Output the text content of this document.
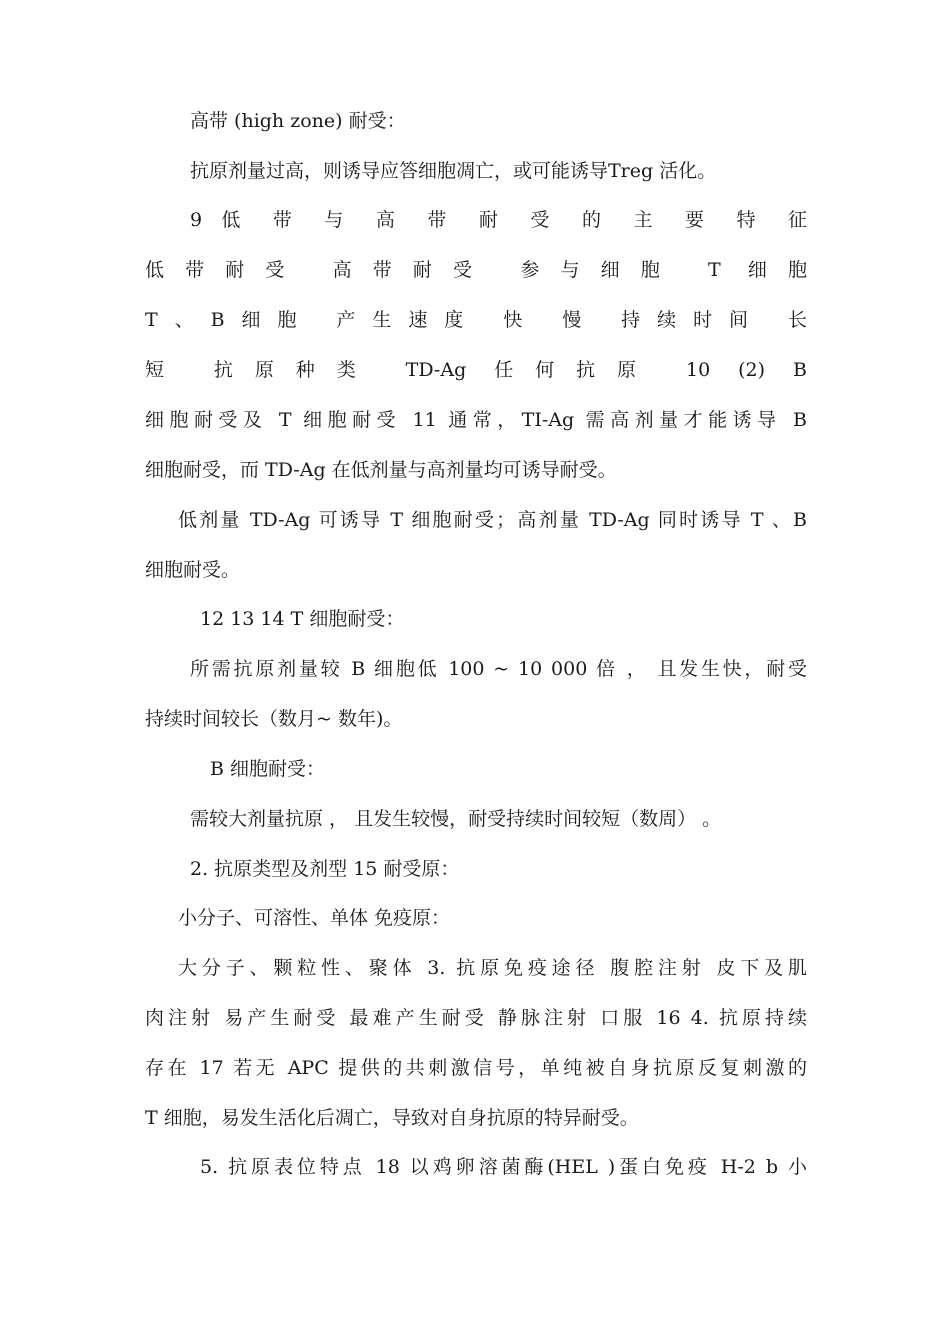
高带 (high zone) 耐受：
抗原剂量过高，则诱导应答细胞凋亡，或可能诱导Treg 活化。
9 低 带 与 高 带 耐 受 的 主 要 特 征
低带耐受 高带耐受 参与细胞 T 细胞
T、B细胞 产生速度 快 慢 持续时间 长
短 抗原种类 TD-Ag 任何抗原 10 (2) B
细胞耐受及 T 细胞耐受 11 通常，TI-Ag 需高剂量才能诱导 B
细胞耐受，而 TD-Ag 在低剂量与高剂量均可诱导耐受。
低剂量 TD-Ag 可诱导 T 细胞耐受；高剂量 TD-Ag 同时诱导 T 、B
细胞耐受。
12 13 14 T 细胞耐受：
所需抗原剂量较 B 细胞低 100 ~ 10 000 倍 ， 且发生快，耐受
持续时间较长（数月~ 数年)。
B 细胞耐受：
需较大剂量抗原 ， 且发生较慢，耐受持续时间较短（数周） 。
2. 抗原类型及剂型 15 耐受原：
小分子、可溶性、单体 免疫原：
大分子、颗粒性、聚体 3. 抗原免疫途径 腹腔注射 皮下及肌
肉注射 易产生耐受 最难产生耐受 静脉注射 口服 16 4. 抗原持续
存在 17 若无 APC 提供的共刺激信号，单纯被自身抗原反复刺激的
T 细胞，易发生活化后凋亡，导致对自身抗原的特异耐受。
5. 抗原表位特点 18 以鸡卵溶菌酶(HEL )蛋白免疫 H-2 b 小
